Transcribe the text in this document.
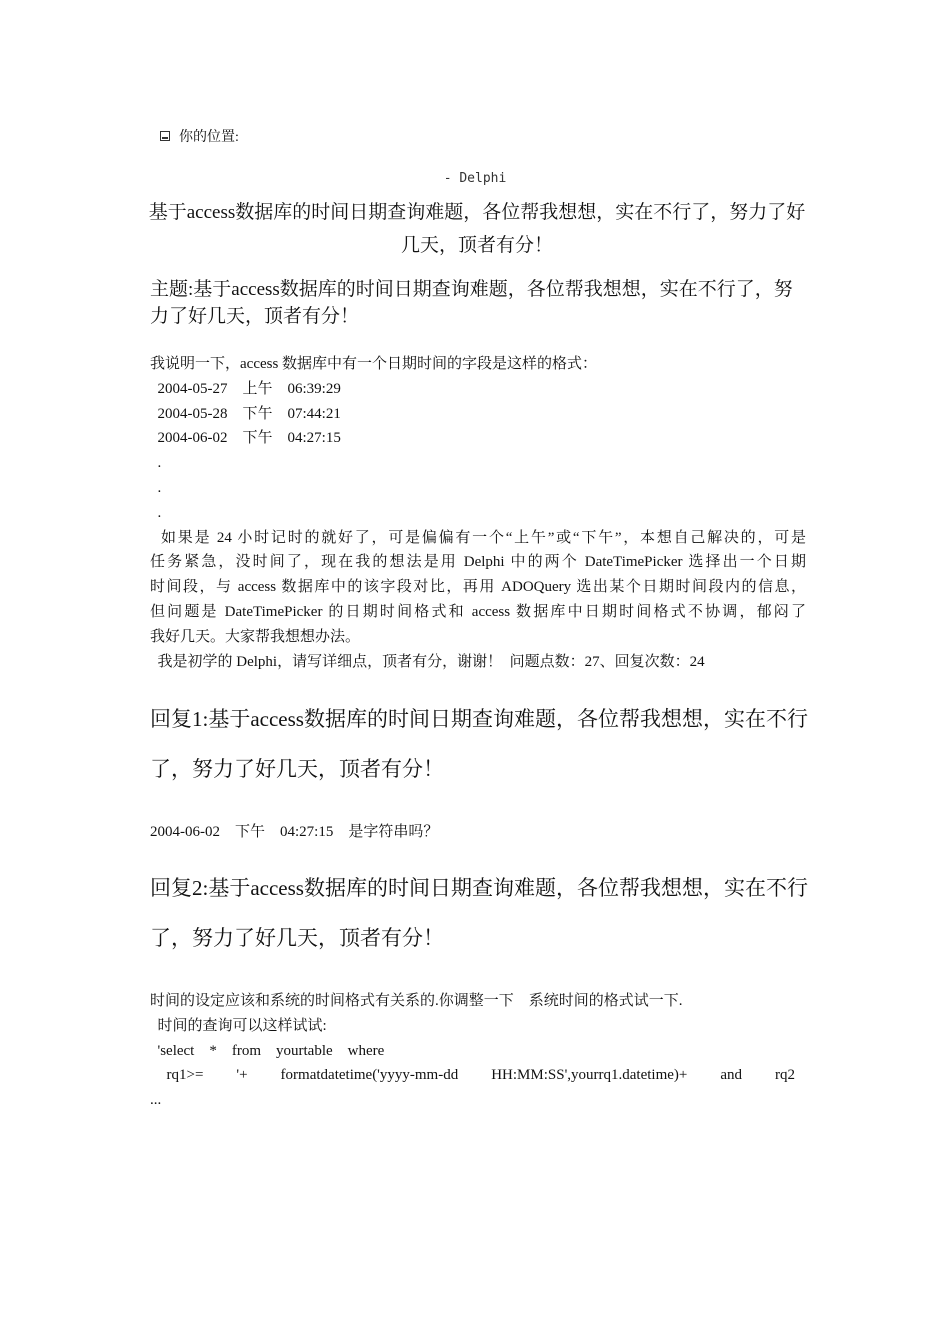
你的位置:
- Delphi
基于access数据库的时间日期查询难题，各位帮我想想，实在不行了，努力了好几天，顶者有分！
主题:基于access数据库的时间日期查询难题，各位帮我想想，实在不行了，努力了好几天，顶者有分！
我说明一下，access 数据库中有一个日期时间的字段是这样的格式：
2004-05-27    上午    06:39:29
2004-05-28    下午    07:44:21
2004-06-02    下午    04:27:15
.
.
.
如果是 24 小时记时的就好了，可是偏偏有一个“上午”或“下午”，本想自己解决的，可是
任务紧急，没时间了，现在我的想法是用 Delphi 中的两个 DateTimePicker 选择出一个日期
时间段，与 access 数据库中的该字段对比，再用 ADOQuery 选出某个日期时间段内的信息，
但问题是 DateTimePicker 的日期时间格式和 access 数据库中日期时间格式不协调，郁闷了
我好几天。大家帮我想想办法。
我是初学的 Delphi，请写详细点，顶者有分，谢谢！  问题点数：27、回复次数：24
回复1:基于access数据库的时间日期查询难题，各位帮我想想，实在不行了，努力了好几天，顶者有分！
2004-06-02    下午    04:27:15    是字符串吗？
回复2:基于access数据库的时间日期查询难题，各位帮我想想，实在不行了，努力了好几天，顶者有分！
时间的设定应该和系统的时间格式有关系的.你调整一下    系统时间的格式试一下.
时间的查询可以这样试试:
'select    *    from    yourtable    where
rq1>=    '+    formatdatetime('yyyy-mm-dd    HH:MM:SS',yourrq1.datetime)+    and    rq2
...
